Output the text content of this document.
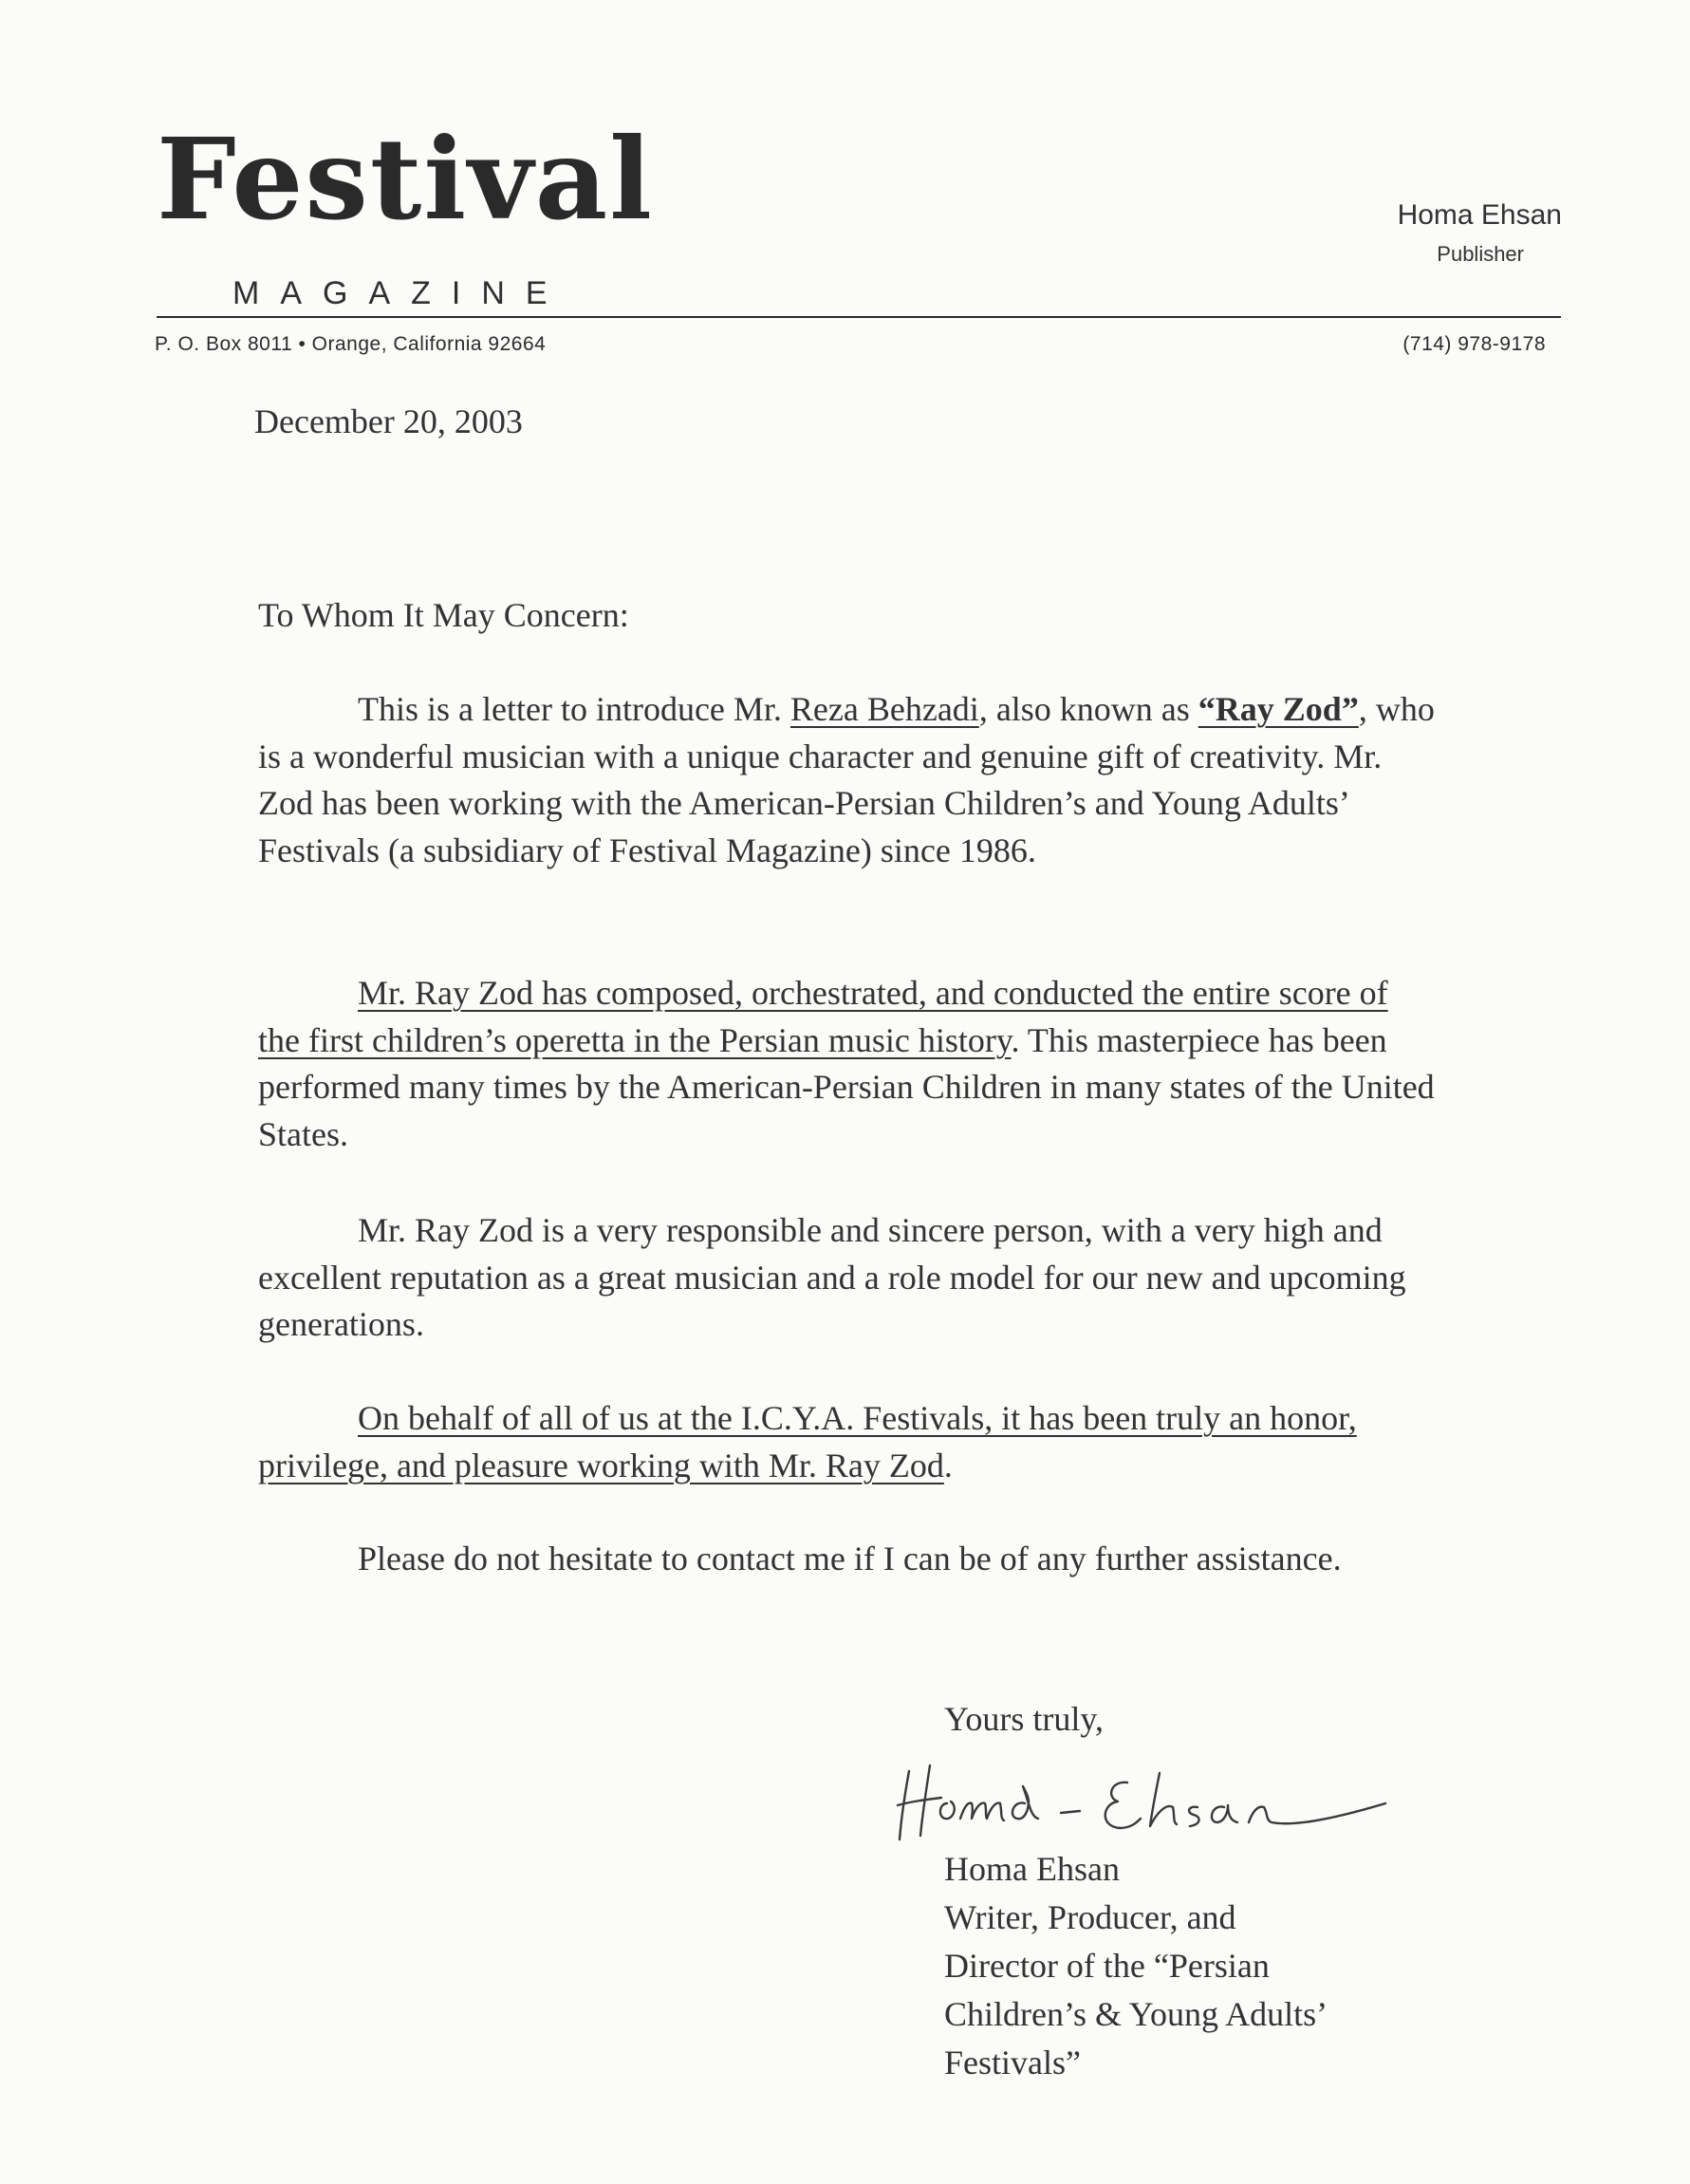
Festival
MAGAZINE
Homa Ehsan
Publisher
P. O. Box 8011 • Orange, California 92664	(714) 978-9178
December 20, 2003
To Whom It May Concern:

This is a letter to introduce Mr. Reza Behzadi, also known as “Ray Zod”, who is a wonderful musician with a unique character and genuine gift of creativity. Mr. Zod has been working with the American-Persian Children’s and Young Adults’ Festivals (a subsidiary of Festival Magazine) since 1986.

Mr. Ray Zod has composed, orchestrated, and conducted the entire score of the first children’s operetta in the Persian music history. This masterpiece has been performed many times by the American-Persian Children in many states of the United States.

Mr. Ray Zod is a very responsible and sincere person, with a very high and excellent reputation as a great musician and a role model for our new and upcoming generations.

On behalf of all of us at the I.C.Y.A. Festivals, it has been truly an honor, privilege, and pleasure working with Mr. Ray Zod.

Please do not hesitate to contact me if I can be of any further assistance.

Yours truly,
Homa Ehsan
Writer, Producer, and
Director of the “Persian
Children’s & Young Adults’
Festivals”
